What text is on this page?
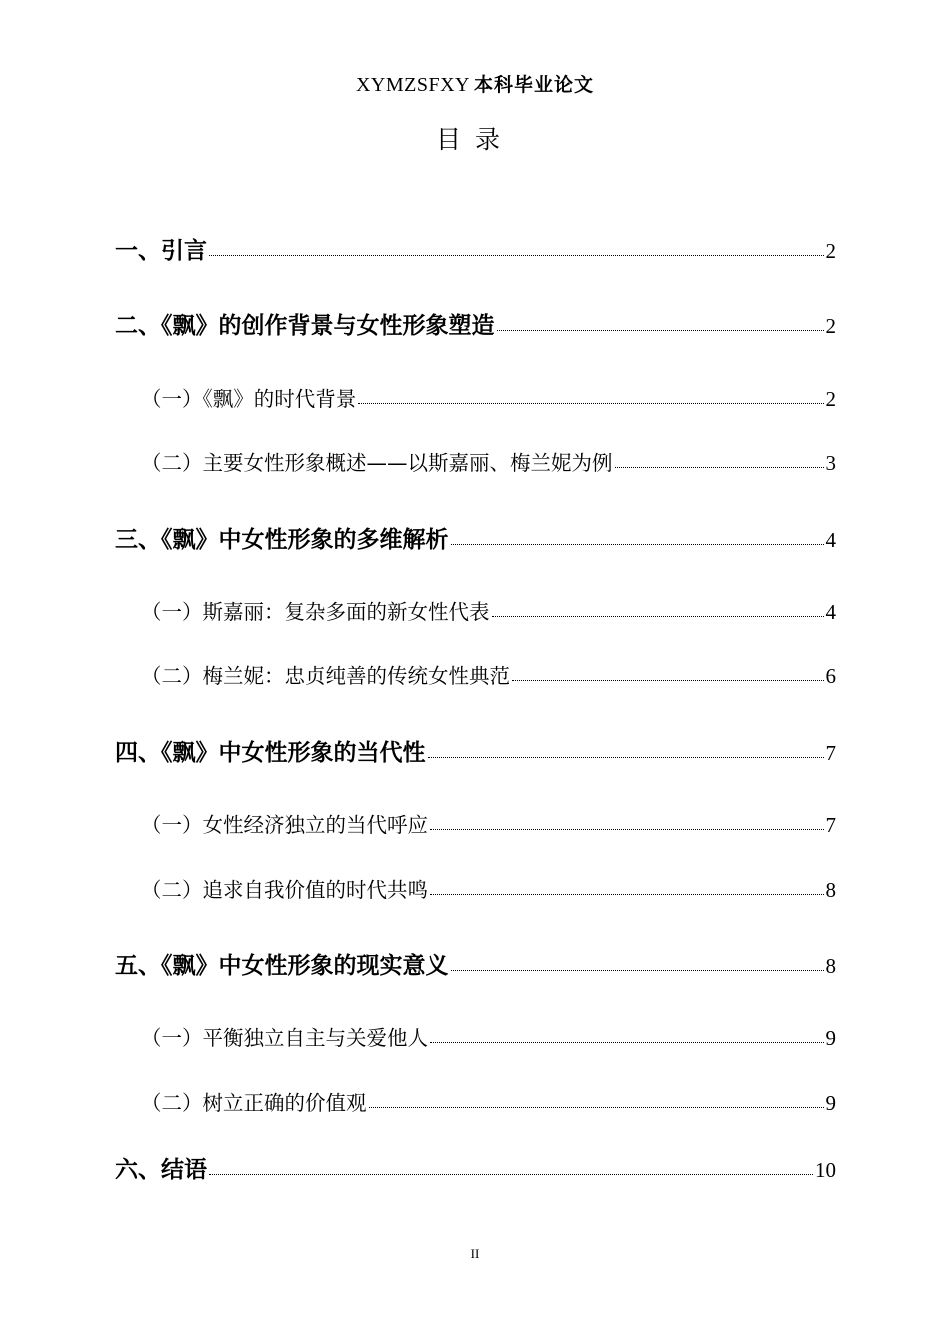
XYMZSFXY 本科毕业论文
目录
一、引言	2
二、《飘》的创作背景与女性形象塑造	2
（一）《飘》的时代背景	2
（二）主要女性形象概述——以斯嘉丽、梅兰妮为例	3
三、《飘》中女性形象的多维解析	4
（一）斯嘉丽：复杂多面的新女性代表	4
（二）梅兰妮：忠贞纯善的传统女性典范	6
四、《飘》中女性形象的当代性	7
（一）女性经济独立的当代呼应	7
（二）追求自我价值的时代共鸣	8
五、《飘》中女性形象的现实意义	8
（一）平衡独立自主与关爱他人	9
（二）树立正确的价值观	9
六、结语	10
II
